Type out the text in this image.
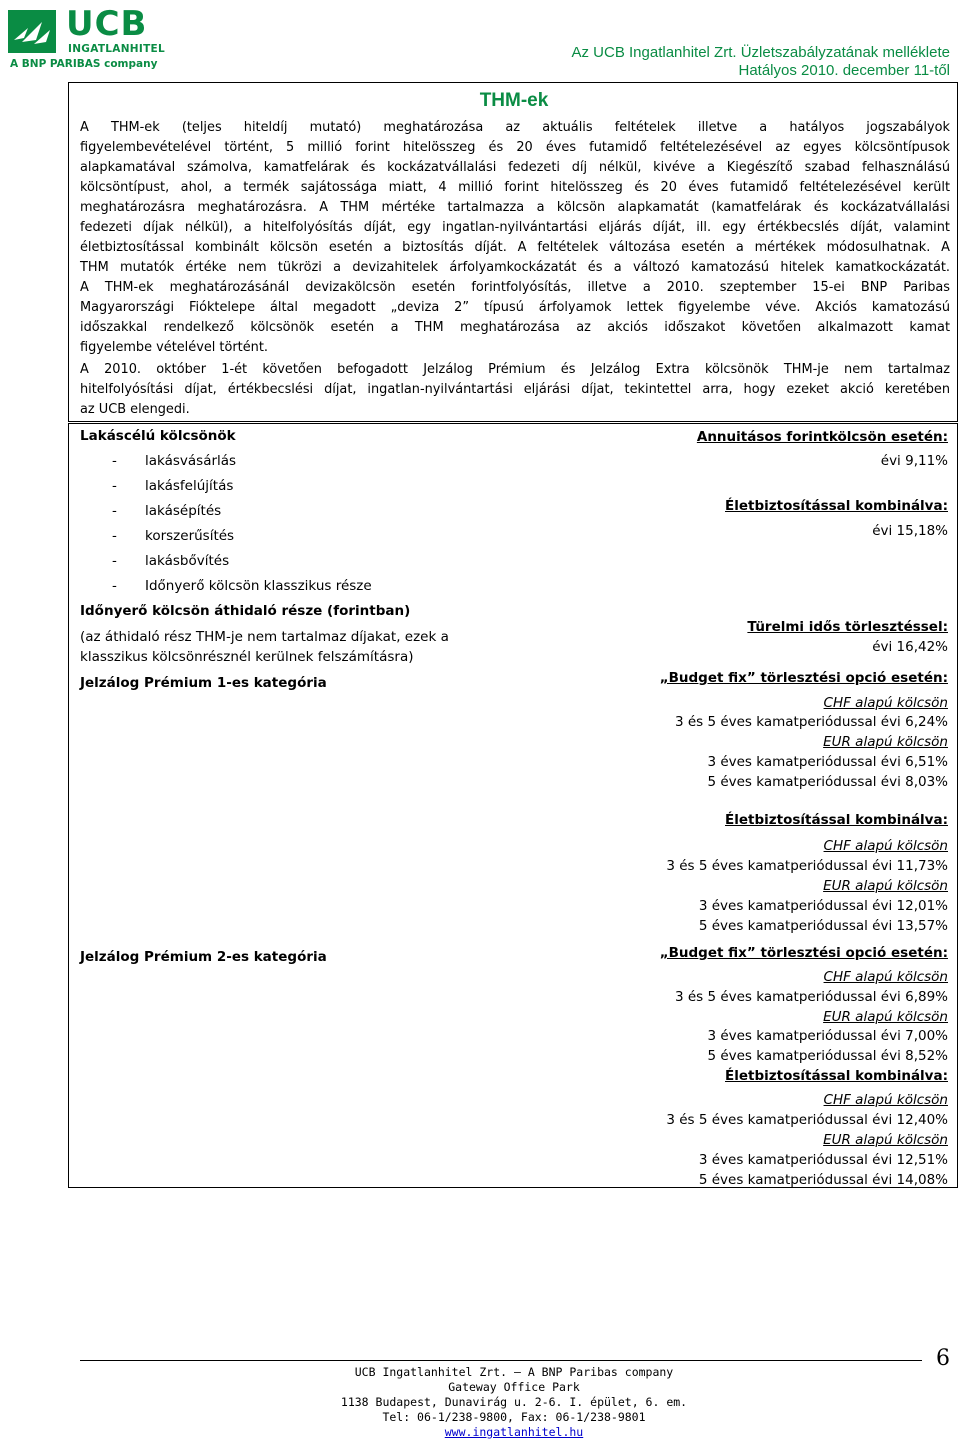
UCB
INGATLANHITEL
A BNP PARIBAS company
Az UCB Ingatlanhitel Zrt. Üzletszabályzatának melléklete
Hatályos 2010. december 11-től
THM-ek
A THM-ek (teljes hiteldíj mutató) meghatározása az aktuális feltételek illetve a hatályos jogszabályok
figyelembevételével történt, 5 millió forint hitelösszeg és 20 éves futamidő feltételezésével az egyes kölcsöntípusok
alapkamatával számolva, kamatfelárak és kockázatvállalási fedezeti díj nélkül, kivéve a Kiegészítő szabad felhasználású
kölcsöntípust, ahol, a termék sajátossága miatt, 4 millió forint hitelösszeg és 20 éves futamidő feltételezésével került
meghatározásra meghatározásra. A THM mértéke tartalmazza a kölcsön alapkamatát (kamatfelárak és kockázatvállalási
fedezeti díjak nélkül), a hitelfolyósítás díját, egy ingatlan-nyilvántartási eljárás díját, ill. egy értékbecslés díját, valamint
életbiztosítással kombinált kölcsön esetén a biztosítás díját. A feltételek változása esetén a mértékek módosulhatnak. A
THM mutatók értéke nem tükrözi a devizahitelek árfolyamkockázatát és a változó kamatozású hitelek kamatkockázatát.
A THM-ek meghatározásánál devizakölcsön esetén forintfolyósítás, illetve a 2010. szeptember 15-ei BNP Paribas
Magyarországi Fióktelepe által megadott „deviza 2” típusú árfolyamok lettek figyelembe véve. Akciós kamatozású
időszakkal rendelkező kölcsönök esetén a THM meghatározása az akciós időszakot követően alkalmazott kamat
figyelembe vételével történt.
A 2010. október 1-ét követően befogadott Jelzálog Prémium és Jelzálog Extra kölcsönök THM-je nem tartalmaz
hitelfolyósítási díjat, értékbecslési díjat, ingatlan-nyilvántartási eljárási díjat, tekintettel arra, hogy ezeket akció keretében
az UCB elengedi.
Lakáscélú kölcsönök
- lakásvásárlás
- lakásfelújítás
- lakásépítés
- korszerűsítés
- lakásbővítés
- Időnyerő kölcsön klasszikus része
Időnyerő kölcsön áthidaló része (forintban)
(az áthidaló rész THM-je nem tartalmaz díjakat, ezek a
klasszikus kölcsönrésznél kerülnek felszámításra)
Jelzálog Prémium 1-es kategória
Jelzálog Prémium 2-es kategória
Annuitásos forintkölcsön esetén:
évi 9,11%
Életbiztosítással kombinálva:
évi 15,18%
Türelmi idős törlesztéssel:
évi 16,42%
„Budget fix” törlesztési opció esetén:
CHF alapú kölcsön
3 és 5 éves kamatperiódussal évi 6,24%
EUR alapú kölcsön
3 éves kamatperiódussal évi 6,51%
5 éves kamatperiódussal évi 8,03%
Életbiztosítással kombinálva:
CHF alapú kölcsön
3 és 5 éves kamatperiódussal évi 11,73%
EUR alapú kölcsön
3 éves kamatperiódussal évi 12,01%
5 éves kamatperiódussal évi 13,57%
„Budget fix” törlesztési opció esetén:
CHF alapú kölcsön
3 és 5 éves kamatperiódussal évi 6,89%
EUR alapú kölcsön
3 éves kamatperiódussal évi 7,00%
5 éves kamatperiódussal évi 8,52%
Életbiztosítással kombinálva:
CHF alapú kölcsön
3 és 5 éves kamatperiódussal évi 12,40%
EUR alapú kölcsön
3 éves kamatperiódussal évi 12,51%
5 éves kamatperiódussal évi 14,08%
6
UCB Ingatlanhitel Zrt. – A BNP Paribas company
Gateway Office Park
1138 Budapest, Dunavirág u. 2-6. I. épület, 6. em.
Tel: 06-1/238-9800, Fax: 06-1/238-9801
www.ingatlanhitel.hu
